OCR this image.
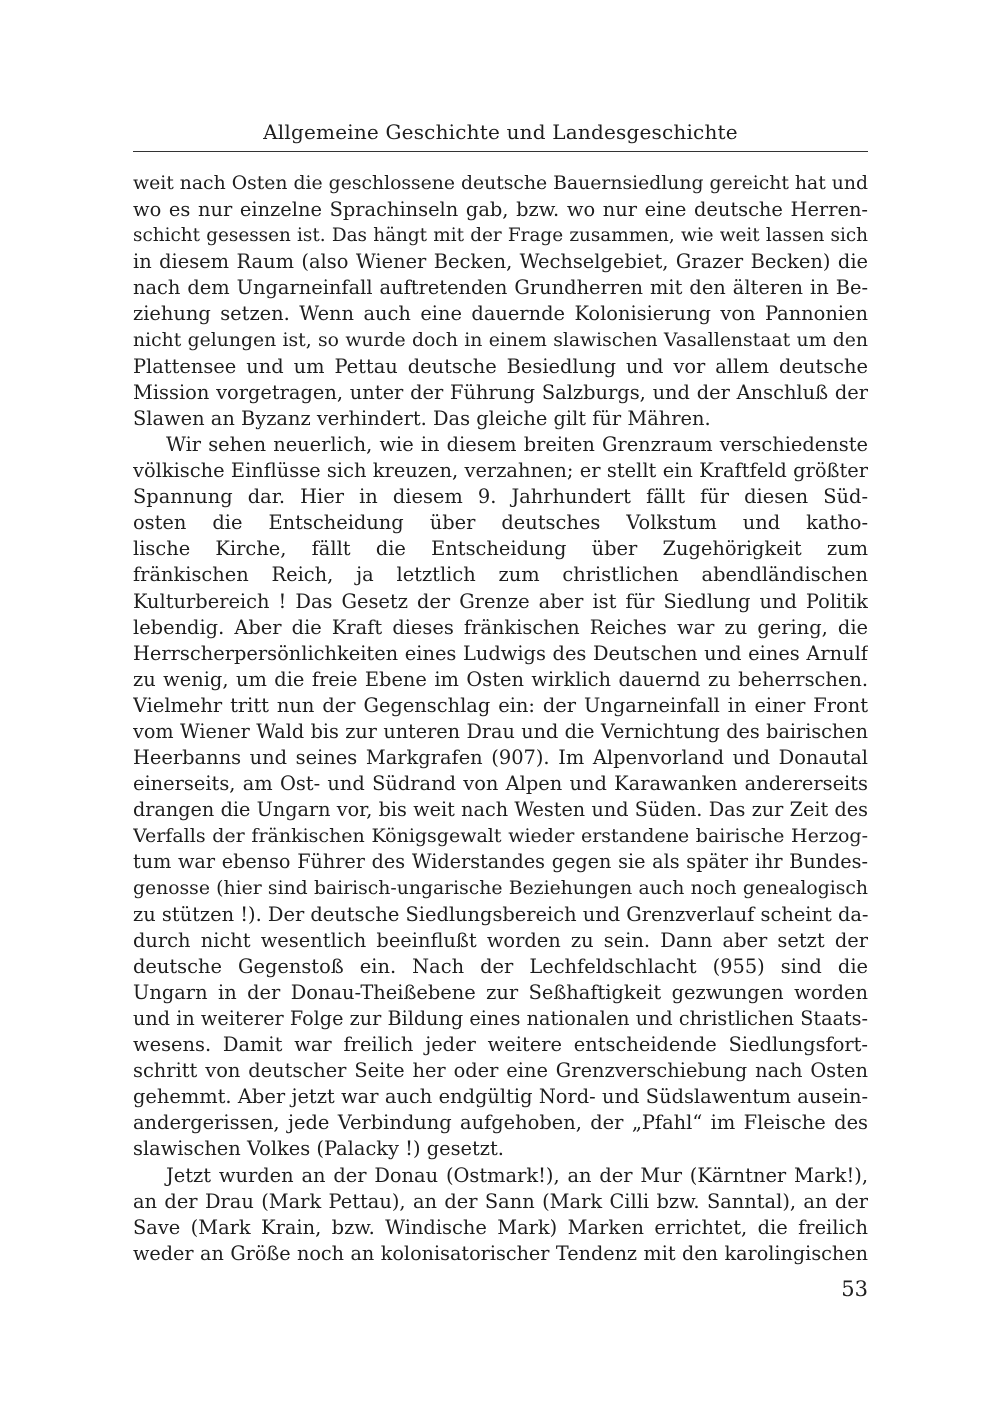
Allgemeine Geschichte und Landesgeschichte
weit nach Osten die geschlossene deutsche Bauernsiedlung gereicht hat und
wo es nur einzelne Sprachinseln gab, bzw. wo nur eine deutsche Herren-
schicht gesessen ist. Das hängt mit der Frage zusammen, wie weit lassen sich
in diesem Raum (also Wiener Becken, Wechselgebiet, Grazer Becken) die
nach dem Ungarneinfall auftretenden Grundherren mit den älteren in Be-
ziehung setzen. Wenn auch eine dauernde Kolonisierung von Pannonien
nicht gelungen ist, so wurde doch in einem slawischen Vasallenstaat um den
Plattensee und um Pettau deutsche Besiedlung und vor allem deutsche
Mission vorgetragen, unter der Führung Salzburgs, und der Anschluß der
Slawen an Byzanz verhindert. Das gleiche gilt für Mähren.
Wir sehen neuerlich, wie in diesem breiten Grenzraum verschiedenste
völkische Einflüsse sich kreuzen, verzahnen; er stellt ein Kraftfeld größter
Spannung dar. Hier in diesem 9. Jahrhundert fällt für diesen Süd-
osten die Entscheidung über deutsches Volkstum und katho-
lische Kirche, fällt die Entscheidung über Zugehörigkeit zum
fränkischen Reich, ja letztlich zum christlichen abendländischen
Kulturbereich ! Das Gesetz der Grenze aber ist für Siedlung und Politik
lebendig. Aber die Kraft dieses fränkischen Reiches war zu gering, die
Herrscherpersönlichkeiten eines Ludwigs des Deutschen und eines Arnulf
zu wenig, um die freie Ebene im Osten wirklich dauernd zu beherrschen.
Vielmehr tritt nun der Gegenschlag ein: der Ungarneinfall in einer Front
vom Wiener Wald bis zur unteren Drau und die Vernichtung des bairischen
Heerbanns und seines Markgrafen (907). Im Alpenvorland und Donautal
einerseits, am Ost- und Südrand von Alpen und Karawanken andererseits
drangen die Ungarn vor, bis weit nach Westen und Süden. Das zur Zeit des
Verfalls der fränkischen Königsgewalt wieder erstandene bairische Herzog-
tum war ebenso Führer des Widerstandes gegen sie als später ihr Bundes-
genosse (hier sind bairisch-ungarische Beziehungen auch noch genealogisch
zu stützen !). Der deutsche Siedlungsbereich und Grenzverlauf scheint da-
durch nicht wesentlich beeinflußt worden zu sein. Dann aber setzt der
deutsche Gegenstoß ein. Nach der Lechfeldschlacht (955) sind die
Ungarn in der Donau-Theißebene zur Seßhaftigkeit gezwungen worden
und in weiterer Folge zur Bildung eines nationalen und christlichen Staats-
wesens. Damit war freilich jeder weitere entscheidende Siedlungsfort-
schritt von deutscher Seite her oder eine Grenzverschiebung nach Osten
gehemmt. Aber jetzt war auch endgültig Nord- und Südslawentum ausein-
andergerissen, jede Verbindung aufgehoben, der „Pfahl“ im Fleische des
slawischen Volkes (Palacky !) gesetzt.
Jetzt wurden an der Donau (Ostmark!), an der Mur (Kärntner Mark!),
an der Drau (Mark Pettau), an der Sann (Mark Cilli bzw. Sanntal), an der
Save (Mark Krain, bzw. Windische Mark) Marken errichtet, die freilich
weder an Größe noch an kolonisatorischer Tendenz mit den karolingischen
53
